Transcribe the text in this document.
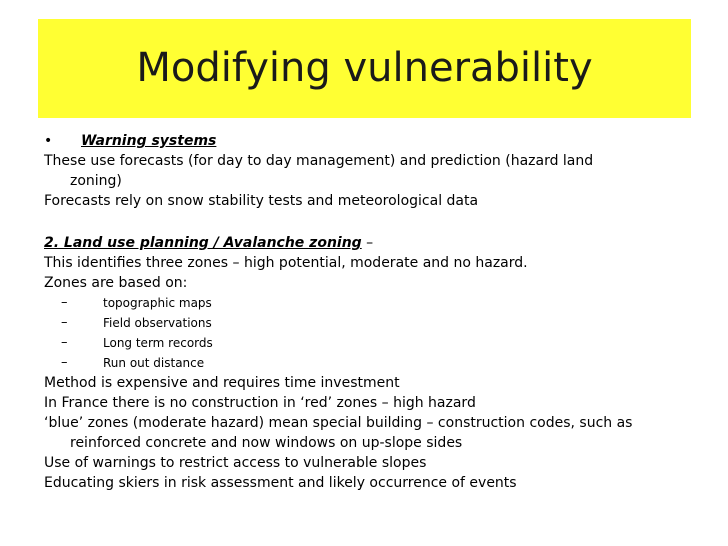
Modifying vulnerability
•	Warning systems
These use forecasts (for day to day management) and prediction (hazard land
zoning)
Forecasts rely on snow stability tests and meteorological data
2. Land use planning / Avalanche zoning –
This identifies three zones – high potential, moderate and no hazard.
Zones are based on:
–	topographic maps
–	Field observations
–	Long term records
–	Run out distance
Method is expensive and requires time investment
In France there is no construction in ‘red’ zones – high hazard
‘blue’ zones (moderate hazard) mean special building – construction codes, such as
reinforced concrete and now windows on up-slope sides
Use of warnings to restrict access to vulnerable slopes
Educating skiers in risk assessment and likely occurrence of events
